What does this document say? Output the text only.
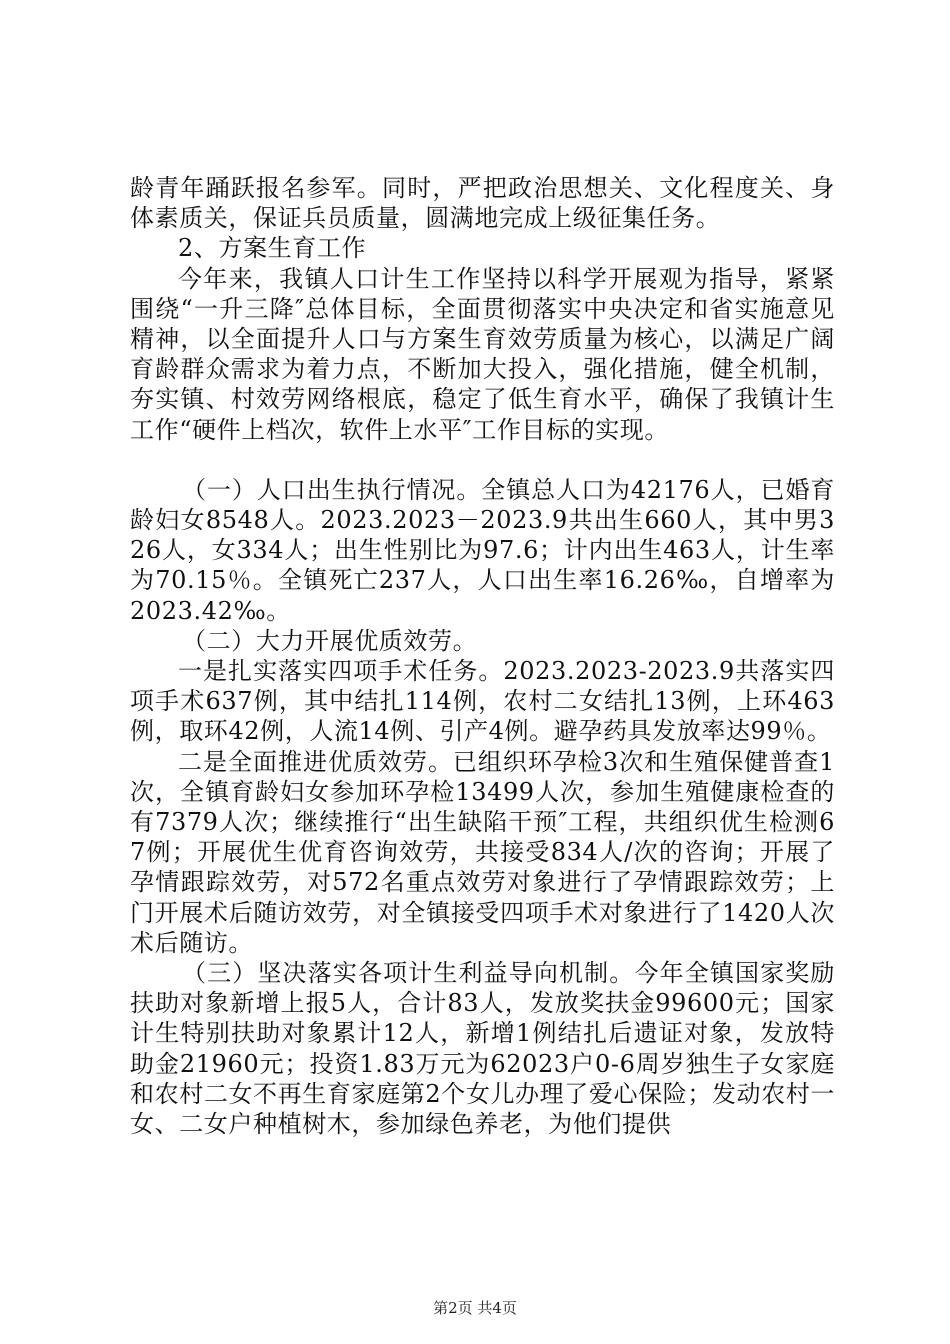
龄青年踊跃报名参军。同时，严把政治思想关、文化程度关、身体素质关，保证兵员质量，圆满地完成上级征集任务。

2、方案生育工作

今年来，我镇人口计生工作坚持以科学开展观为指导，紧紧围绕“一升三降″总体目标，全面贯彻落实中央决定和省实施意见精神，以全面提升人口与方案生育效劳质量为核心，以满足广阔育龄群众需求为着力点，不断加大投入，强化措施，健全机制，夯实镇、村效劳网络根底，稳定了低生育水平，确保了我镇计生工作“硬件上档次，软件上水平″工作目标的实现。

（一）人口出生执行情况。全镇总人口为42176人，已婚育龄妇女8548人。2023.2023－2023.9共出生660人，其中男326人，女334人；出生性别比为97.6；计内出生463人，计生率为70.15％。全镇死亡237人，人口出生率16.26‰，自增率为2023.42‰。

（二）大力开展优质效劳。

一是扎实落实四项手术任务。2023.2023-2023.9共落实四项手术637例，其中结扎114例，农村二女结扎13例，上环463例，取环42例，人流14例、引产4例。避孕药具发放率达99％。

二是全面推进优质效劳。已组织环孕检3次和生殖保健普查1次，全镇育龄妇女参加环孕检13499人次，参加生殖健康检查的有7379人次；继续推行“出生缺陷干预″工程，共组织优生检测67例；开展优生优育咨询效劳，共接受834人/次的咨询；开展了孕情跟踪效劳，对572名重点效劳对象进行了孕情跟踪效劳；上门开展术后随访效劳，对全镇接受四项手术对象进行了1420人次术后随访。

（三）坚决落实各项计生利益导向机制。今年全镇国家奖励扶助对象新增上报5人，合计83人，发放奖扶金99600元；国家计生特别扶助对象累计12人，新增1例结扎后遗证对象，发放特助金21960元；投资1.83万元为62023户0-6周岁独生子女家庭和农村二女不再生育家庭第2个女儿办理了爱心保险；发动农村一女、二女户种植树木，参加绿色养老，为他们提供

第2页 共4页
